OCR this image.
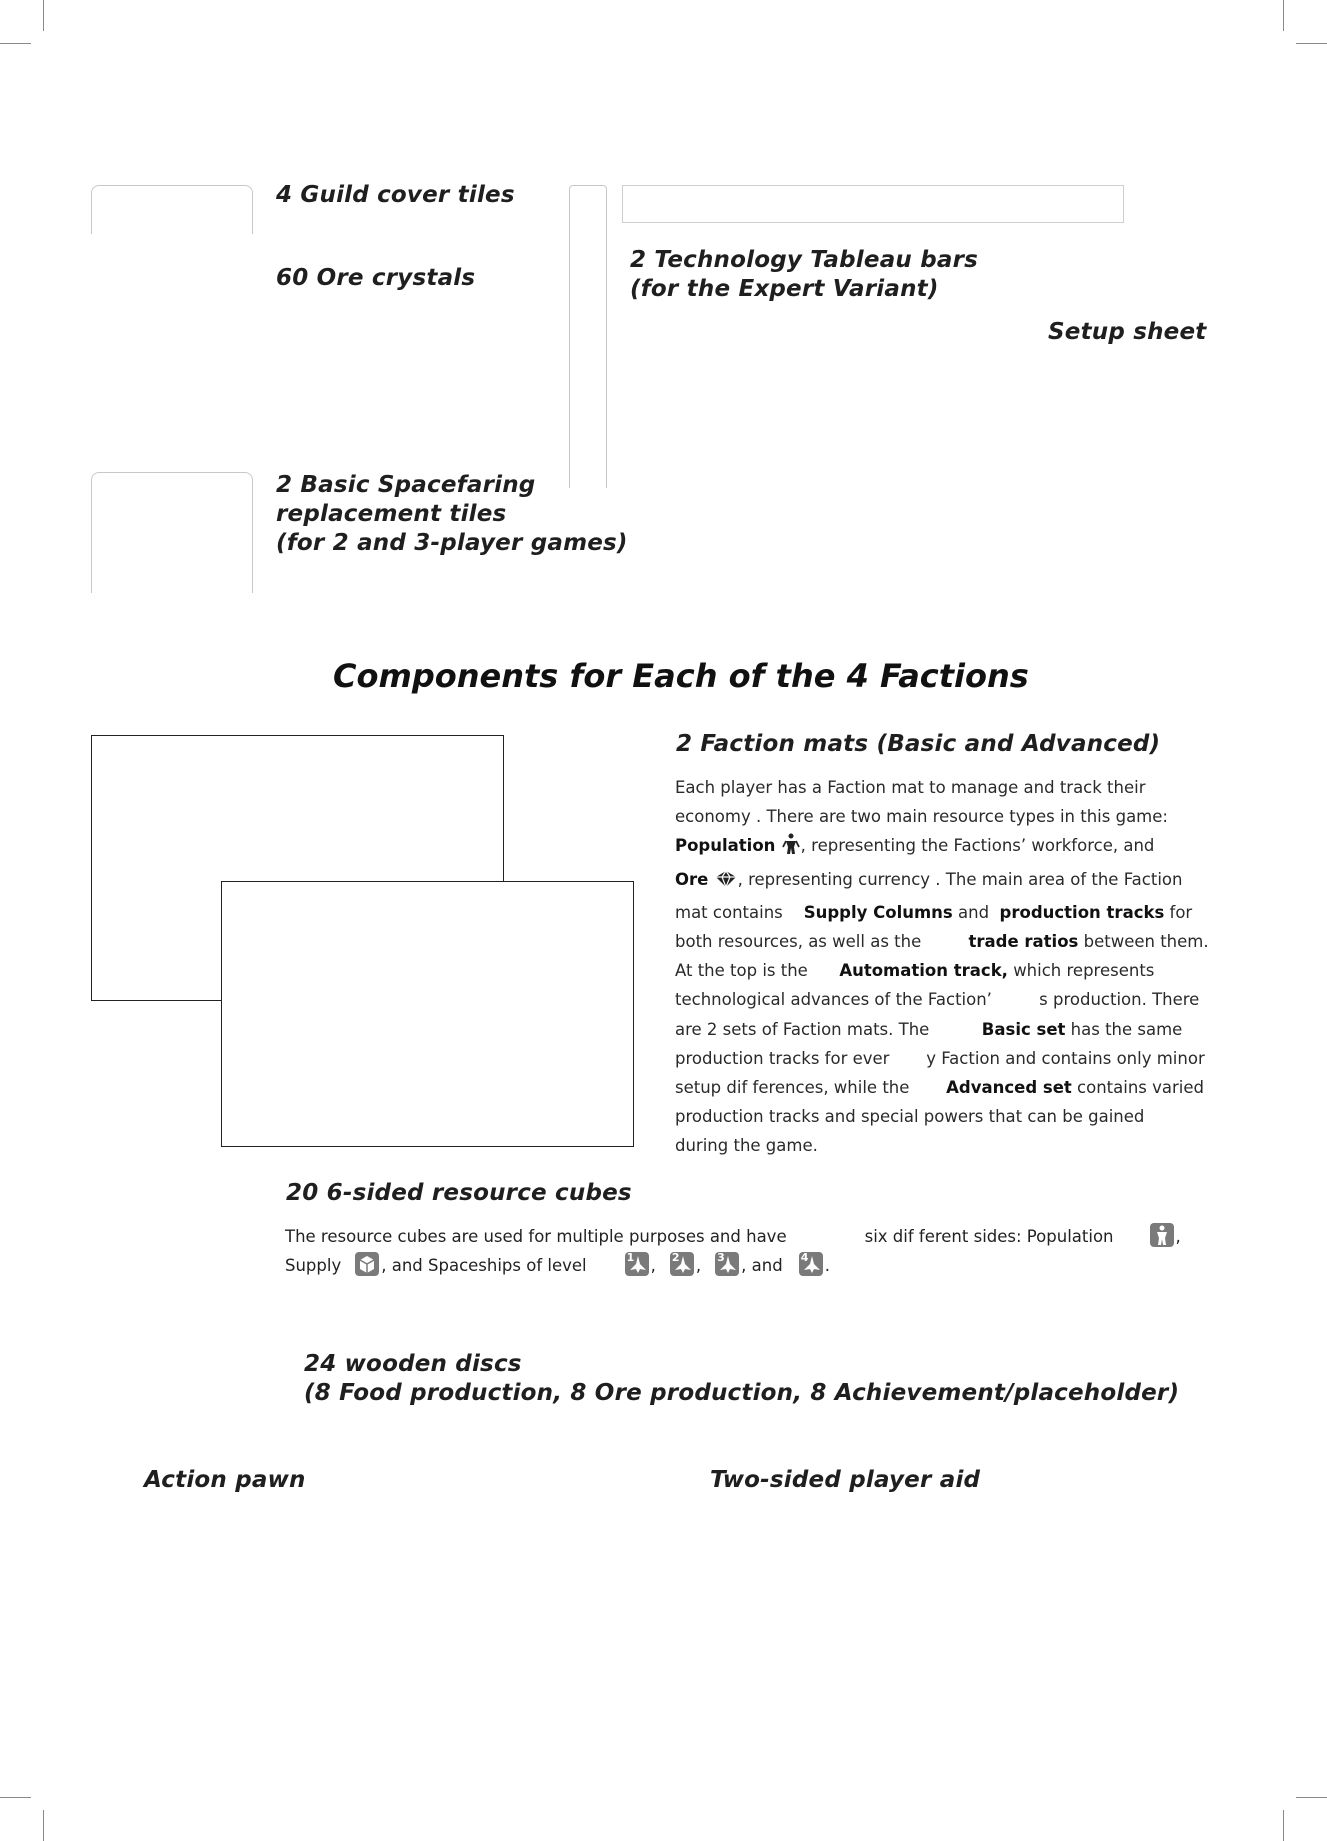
4 Guild cover tiles
60 Ore crystals
2 Technology Tableau bars
(for the Expert Variant)
Setup sheet
2 Basic Spacefaring
replacement tiles
(for 2 and 3-player games)
Components for Each of the 4 Factions
2 Faction mats (Basic and Advanced)

Each player has a Faction mat to manage and track their

economy . There are two main resource types in this game:

Population , representing the Factions’ workforce, and

Ore , representing currency . The main area of the Faction

mat contains Supply Columns and production tracks for

both resources, as well as the	trade ratios between them.

At the top is the Automation track, which represents

technological advances of the Faction’	s production. There

are 2 sets of Faction mats. The	Basic set has the same

production tracks for ever y Faction and contains only minor

setup dif ferences, while the Advanced set contains varied

production tracks and special powers that can be gained

during the game.

20 6-sided resource cubes
The resource cubes are used for multiple purposes and have	six dif ferent sides: Population	,
Supply , and Spaceships of level	1 , 2 , 3 , and 4 .
24 wooden discs
(8 Food production, 8 Ore production, 8 Achievement/placeholder)
Action pawn	Two-sided player aid
